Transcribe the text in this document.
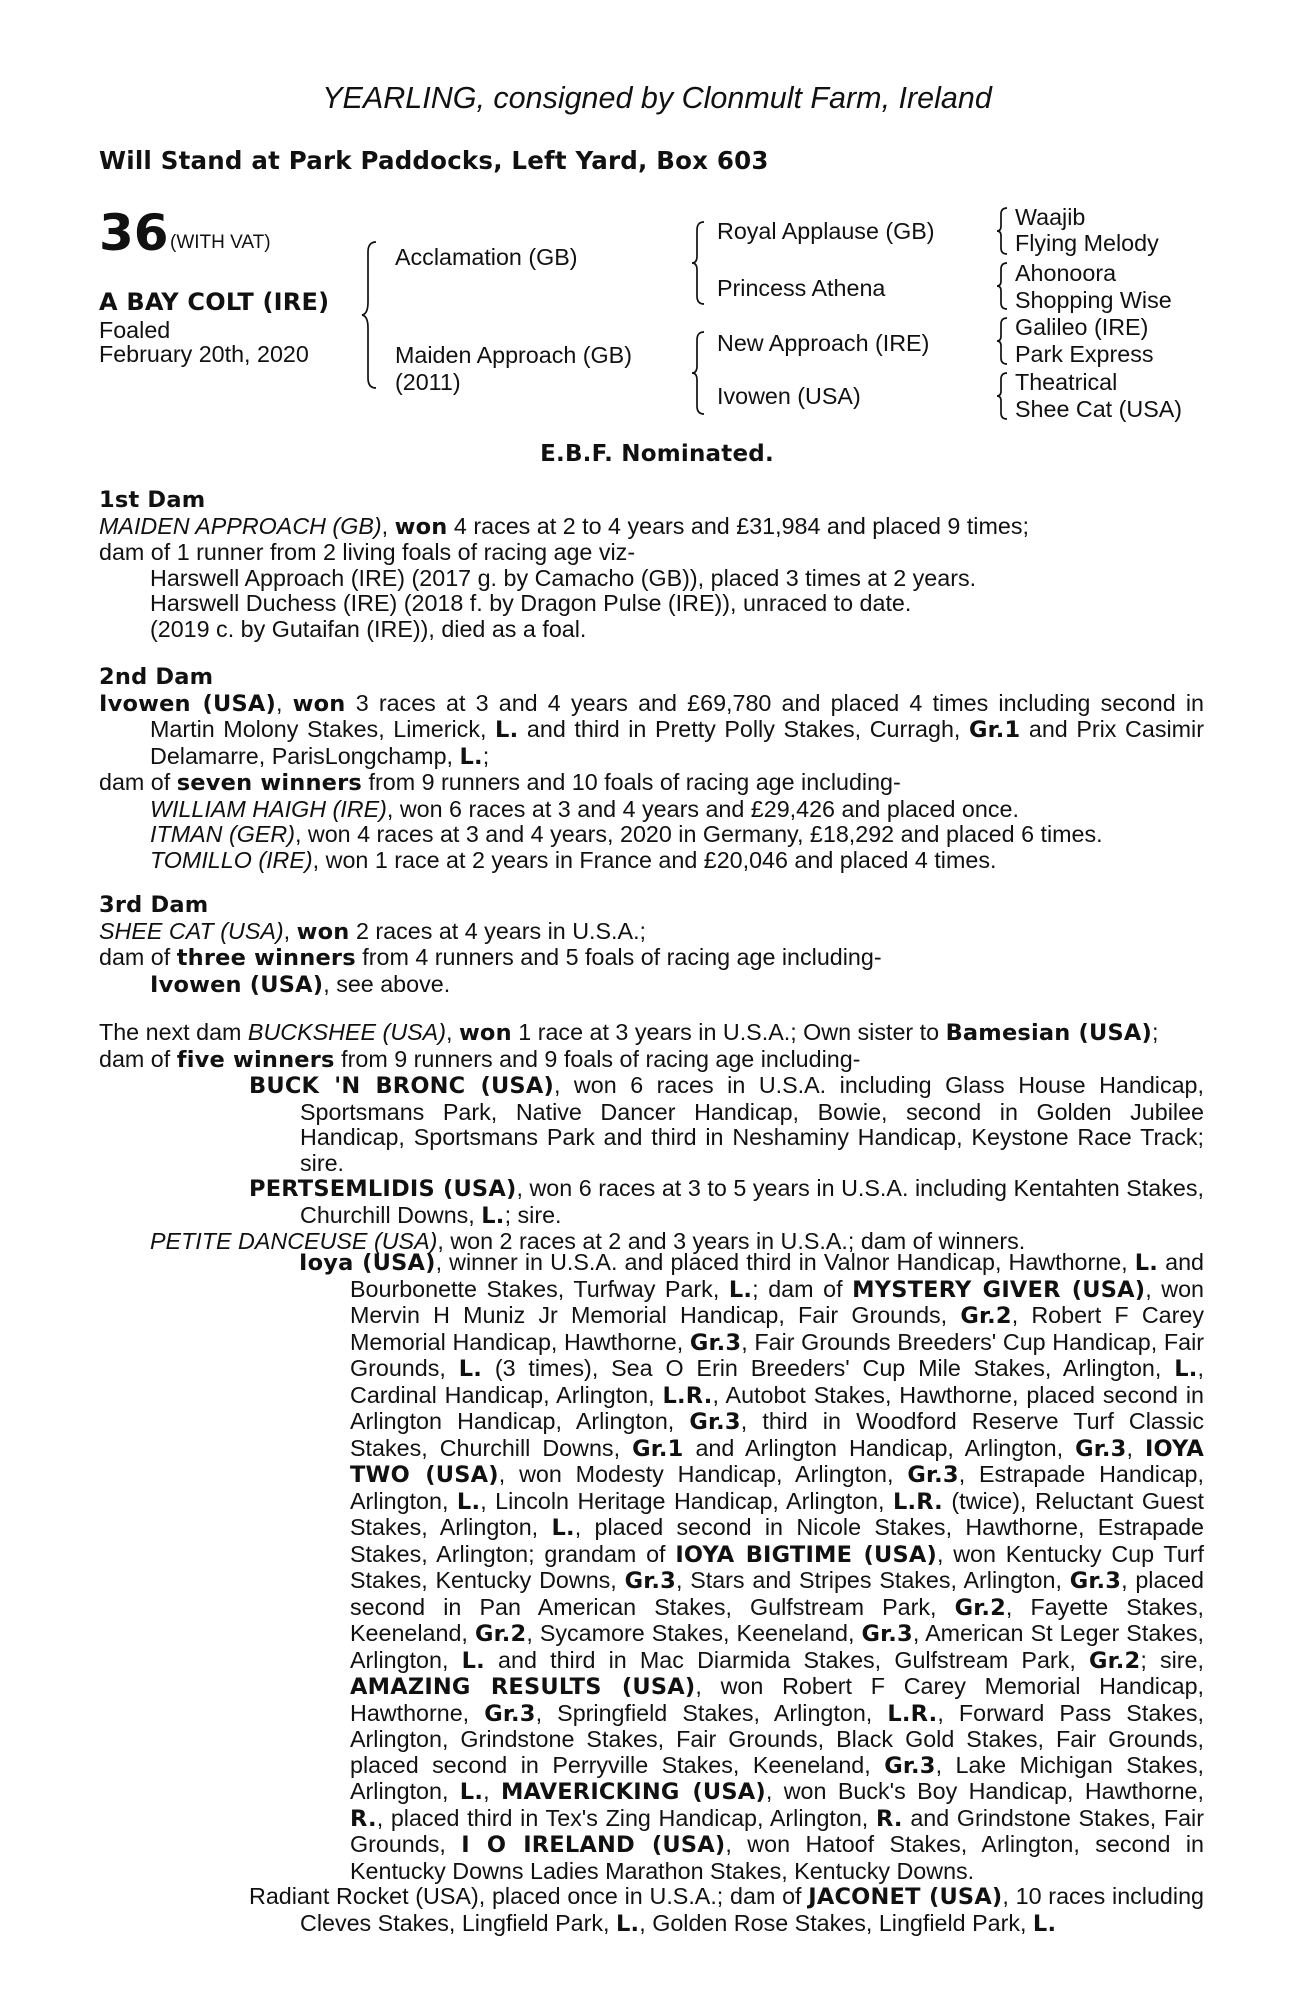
YEARLING, consigned by Clonmult Farm, Ireland
Will Stand at Park Paddocks, Left Yard, Box 603
36 (WITH VAT)
A BAY COLT (IRE)
Foaled
February 20th, 2020
Acclamation (GB)
Maiden Approach (GB)
(2011)
Royal Applause (GB)
Princess Athena
New Approach (IRE)
Ivowen (USA)
Waajib
Flying Melody
Ahonoora
Shopping Wise
Galileo (IRE)
Park Express
Theatrical
Shee Cat (USA)
E.B.F. Nominated.

1st Dam

MAIDEN APPROACH (GB), won 4 races at 2 to 4 years and £31,984 and placed 9 times;

dam of 1 runner from 2 living foals of racing age viz-

Harswell Approach (IRE) (2017 g. by Camacho (GB)), placed 3 times at 2 years.

Harswell Duchess (IRE) (2018 f. by Dragon Pulse (IRE)), unraced to date.

(2019 c. by Gutaifan (IRE)), died as a foal.

2nd Dam

Ivowen (USA), won 3 races at 3 and 4 years and £69,780 and placed 4 times including second in Martin Molony Stakes, Limerick, L. and third in Pretty Polly Stakes, Curragh, Gr.1 and Prix Casimir Delamarre, ParisLongchamp, L.;

dam of seven winners from 9 runners and 10 foals of racing age including-

WILLIAM HAIGH (IRE), won 6 races at 3 and 4 years and £29,426 and placed once.

ITMAN (GER), won 4 races at 3 and 4 years, 2020 in Germany, £18,292 and placed 6 times.

TOMILLO (IRE), won 1 race at 2 years in France and £20,046 and placed 4 times.

3rd Dam

SHEE CAT (USA), won 2 races at 4 years in U.S.A.;

dam of three winners from 4 runners and 5 foals of racing age including-

Ivowen (USA), see above.

The next dam BUCKSHEE (USA), won 1 race at 3 years in U.S.A.; Own sister to Bamesian (USA);

dam of five winners from 9 runners and 9 foals of racing age including-

BUCK 'N BRONC (USA), won 6 races in U.S.A. including Glass House Handicap, Sportsmans Park, Native Dancer Handicap, Bowie, second in Golden Jubilee Handicap, Sportsmans Park and third in Neshaminy Handicap, Keystone Race Track; sire.

PERTSEMLIDIS (USA), won 6 races at 3 to 5 years in U.S.A. including Kentahten Stakes, Churchill Downs, L.; sire.

PETITE DANCEUSE (USA), won 2 races at 2 and 3 years in U.S.A.; dam of winners.

Ioya (USA), winner in U.S.A. and placed third in Valnor Handicap, Hawthorne, L. and Bourbonette Stakes, Turfway Park, L.; dam of MYSTERY GIVER (USA), won Mervin H Muniz Jr Memorial Handicap, Fair Grounds, Gr.2, Robert F Carey Memorial Handicap, Hawthorne, Gr.3, Fair Grounds Breeders' Cup Handicap, Fair Grounds, L. (3 times), Sea O Erin Breeders' Cup Mile Stakes, Arlington, L., Cardinal Handicap, Arlington, L.R., Autobot Stakes, Hawthorne, placed second in Arlington Handicap, Arlington, Gr.3, third in Woodford Reserve Turf Classic Stakes, Churchill Downs, Gr.1 and Arlington Handicap, Arlington, Gr.3, IOYA TWO (USA), won Modesty Handicap, Arlington, Gr.3, Estrapade Handicap, Arlington, L., Lincoln Heritage Handicap, Arlington, L.R. (twice), Reluctant Guest Stakes, Arlington, L., placed second in Nicole Stakes, Hawthorne, Estrapade Stakes, Arlington; grandam of IOYA BIGTIME (USA), won Kentucky Cup Turf Stakes, Kentucky Downs, Gr.3, Stars and Stripes Stakes, Arlington, Gr.3, placed second in Pan American Stakes, Gulfstream Park, Gr.2, Fayette Stakes, Keeneland, Gr.2, Sycamore Stakes, Keeneland, Gr.3, American St Leger Stakes, Arlington, L. and third in Mac Diarmida Stakes, Gulfstream Park, Gr.2; sire, AMAZING RESULTS (USA), won Robert F Carey Memorial Handicap, Hawthorne, Gr.3, Springfield Stakes, Arlington, L.R., Forward Pass Stakes, Arlington, Grindstone Stakes, Fair Grounds, Black Gold Stakes, Fair Grounds, placed second in Perryville Stakes, Keeneland, Gr.3, Lake Michigan Stakes, Arlington, L., MAVERICKING (USA), won Buck's Boy Handicap, Hawthorne, R., placed third in Tex's Zing Handicap, Arlington, R. and Grindstone Stakes, Fair Grounds, I O IRELAND (USA), won Hatoof Stakes, Arlington, second in Kentucky Downs Ladies Marathon Stakes, Kentucky Downs.

Radiant Rocket (USA), placed once in U.S.A.; dam of JACONET (USA), 10 races including Cleves Stakes, Lingfield Park, L., Golden Rose Stakes, Lingfield Park, L.
